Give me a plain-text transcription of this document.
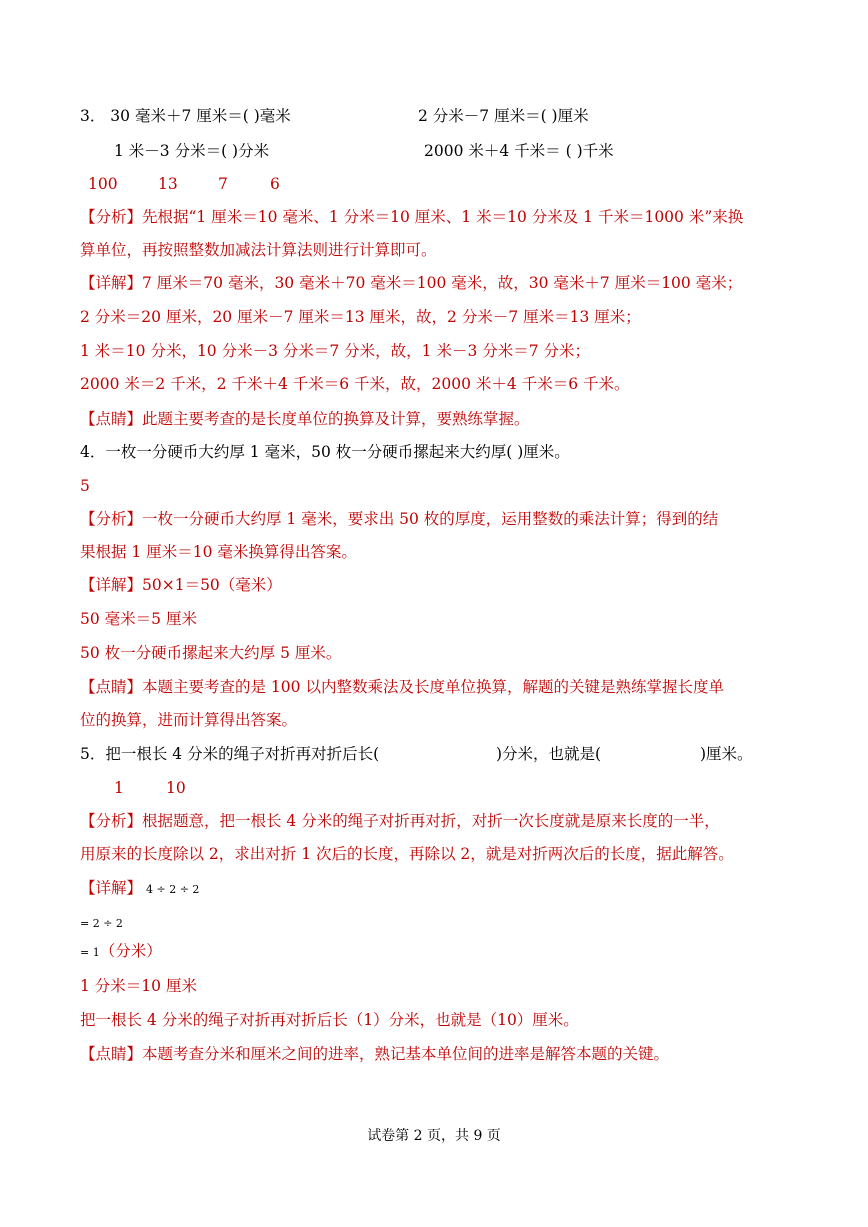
3． 30 毫米＋7 厘米＝( )毫米	2 分米－7 厘米＝( )厘米
1 米－3 分米＝( )分米	2000 米＋4 千米＝ ( )千米
100	13	7	6
【分析】先根据“1 厘米＝10 毫米、1 分米＝10 厘米、1 米＝10 分米及 1 千米＝1000 米”来换
算单位，再按照整数加减法计算法则进行计算即可。
【详解】7 厘米＝70 毫米，30 毫米＋70 毫米＝100 毫米，故，30 毫米＋7 厘米＝100 毫米；
2 分米＝20 厘米，20 厘米－7 厘米＝13 厘米，故，2 分米－7 厘米＝13 厘米；
1 米＝10 分米，10 分米－3 分米＝7 分米，故，1 米－3 分米＝7 分米；
2000 米＝2 千米，2 千米＋4 千米＝6 千米，故，2000 米＋4 千米＝6 千米。
【点睛】此题主要考查的是长度单位的换算及计算，要熟练掌握。
4．一枚一分硬币大约厚 1 毫米，50 枚一分硬币摞起来大约厚( )厘米。
5
【分析】一枚一分硬币大约厚 1 毫米，要求出 50 枚的厚度，运用整数的乘法计算；得到的结
果根据 1 厘米＝10 毫米换算得出答案。
【详解】50×1＝50（毫米）
50 毫米＝5 厘米
50 枚一分硬币摞起来大约厚 5 厘米。
【点睛】本题主要考查的是 100 以内整数乘法及长度单位换算，解题的关键是熟练掌握长度单
位的换算，进而计算得出答案。
5．把一根长 4 分米的绳子对折再对折后长(	)分米，也就是(	)厘米。
1	10
【分析】根据题意，把一根长 4 分米的绳子对折再对折，对折一次长度就是原来长度的一半，
用原来的长度除以 2，求出对折 1 次后的长度，再除以 2，就是对折两次后的长度，据此解答。
【详解】 4 ÷ 2 ÷ 2
= 2 ÷ 2
= 1（分米）
1 分米＝10 厘米
把一根长 4 分米的绳子对折再对折后长（1）分米，也就是（10）厘米。
【点睛】本题考查分米和厘米之间的进率，熟记基本单位间的进率是解答本题的关键。
试卷第 2 页，共 9 页
